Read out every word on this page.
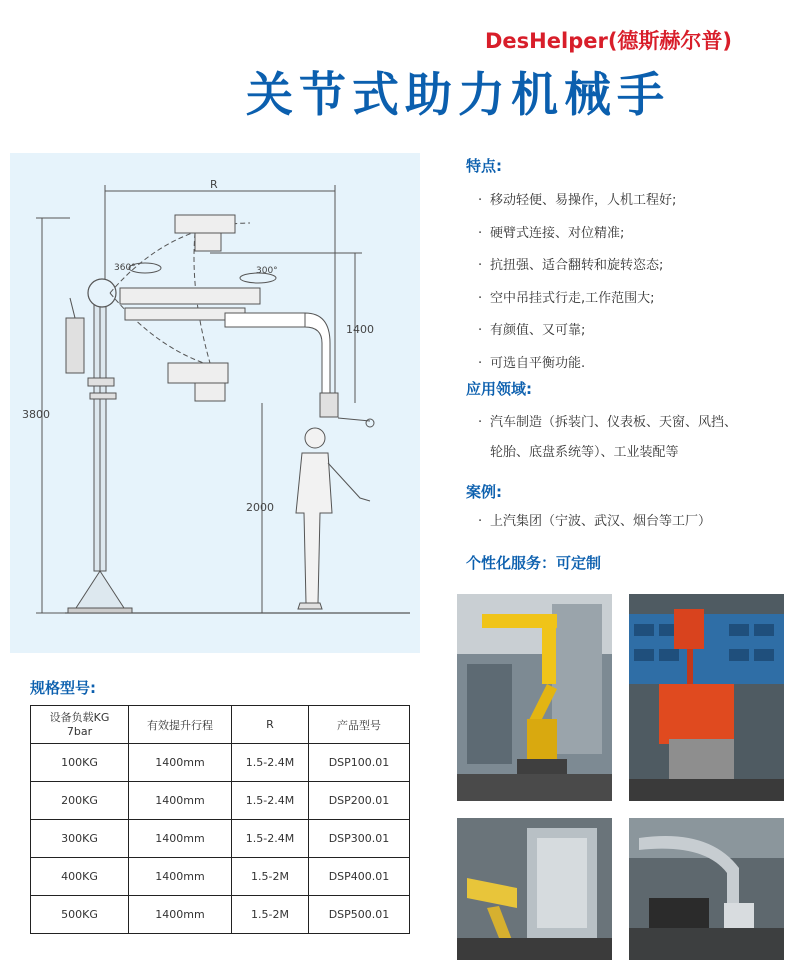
DesHelper(德斯赫尔普)
关节式助力机械手
R
3800
1400
2000
360°	300°
特点:
· 移动轻便、易操作，人机工程好;
· 硬臂式连接、对位精准;
· 抗扭强、适合翻转和旋转恣态;
· 空中吊挂式行走,工作范围大;
· 有颜值、又可靠;
· 可选自平衡功能.
应用领域:
· 汽车制造（拆装门、仪表板、天窗、风挡、
轮胎、底盘系统等）、工业装配等
案例:
· 上汽集团（宁波、武汉、烟台等工厂）
个性化服务：可定制
规格型号:
设备负载KG
7bar	有效提升行程	R	产品型号
100KG	1400mm	1.5-2.4M	DSP100.01
200KG	1400mm	1.5-2.4M	DSP200.01
300KG	1400mm	1.5-2.4M	DSP300.01
400KG	1400mm	1.5-2M	DSP400.01
500KG	1400mm	1.5-2M	DSP500.01
